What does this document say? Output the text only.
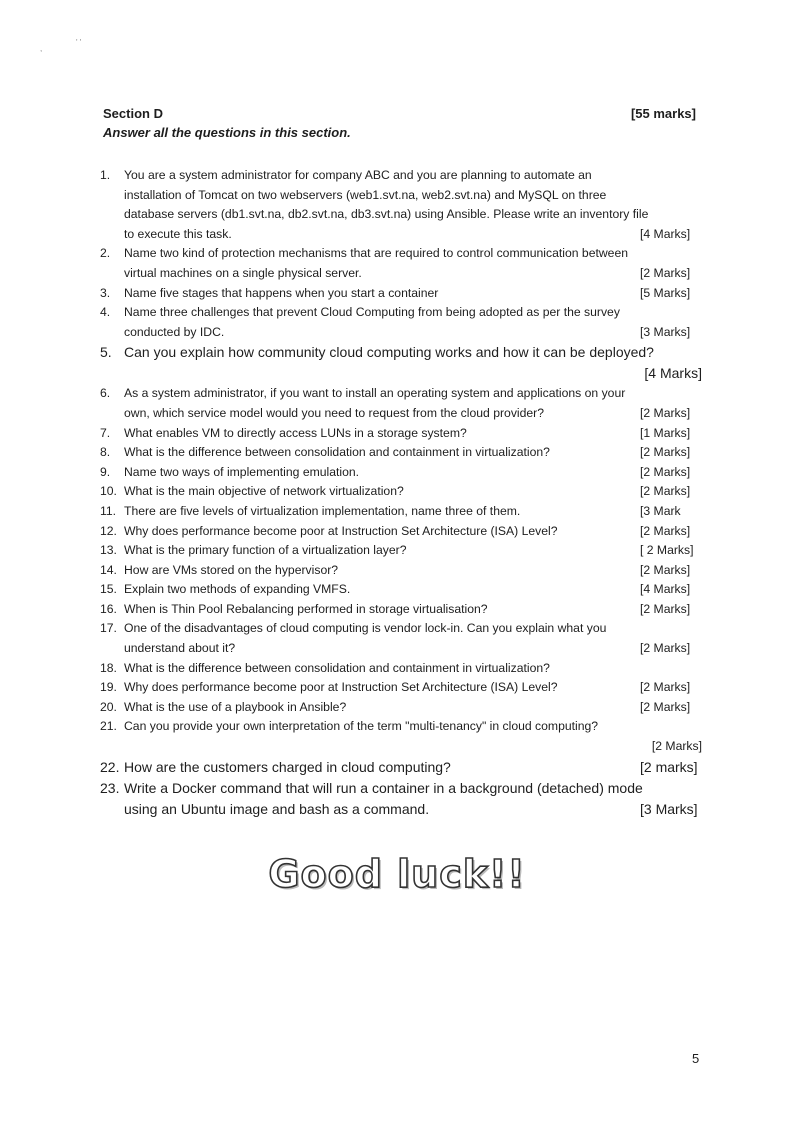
,
' '
Section D	[55 marks]
Answer all the questions in this section.
1.	You are a system administrator for company ABC and you are planning to automate an
installation of Tomcat on two webservers (web1.svt.na, web2.svt.na) and MySQL on three
database servers (db1.svt.na, db2.svt.na, db3.svt.na) using Ansible. Please write an inventory file
to execute this task.	[4 Marks]
2.	Name two kind of protection mechanisms that are required to control communication between
virtual machines on a single physical server.	[2 Marks]
3.	Name five stages that happens when you start a container	[5 Marks]
4.	Name three challenges that prevent Cloud Computing from being adopted as per the survey
conducted by IDC.	[3 Marks]
5. Can you explain how community cloud computing works and how it can be deployed?
[4 Marks]
6.	As a system administrator, if you want to install an operating system and applications on your
own, which service model would you need to request from the cloud provider?	[2 Marks]
7.	What enables VM to directly access LUNs in a storage system?	[1 Marks]
8.	What is the difference between consolidation and containment in virtualization?	[2 Marks]
9.	Name two ways of implementing emulation.	[2 Marks]
10. What is the main objective of network virtualization?	[2 Marks]
11. There are five levels of virtualization implementation, name three of them.	[3 Mark
12. Why does performance become poor at Instruction Set Architecture (ISA) Level?	[2 Marks]
13. What is the primary function of a virtualization layer?	[ 2 Marks]
14. How are VMs stored on the hypervisor?	[2 Marks]
15. Explain two methods of expanding VMFS.	[4 Marks]
16. When is Thin Pool Rebalancing performed in storage virtualisation?	[2 Marks]
17. One of the disadvantages of cloud computing is vendor lock-in. Can you explain what you
understand about it?	[2 Marks]
18. What is the difference between consolidation and containment in virtualization?
19. Why does performance become poor at Instruction Set Architecture (ISA) Level?	[2 Marks]
20. What is the use of a playbook in Ansible?	[2 Marks]
21. Can you provide your own interpretation of the term "multi-tenancy" in cloud computing?
[2 Marks]
22. How are the customers charged in cloud computing?	[2 marks]
23. Write a Docker command that will run a container in a background (detached) mode
using an Ubuntu image and bash as a command.	[3 Marks]
Good luck!!
5
